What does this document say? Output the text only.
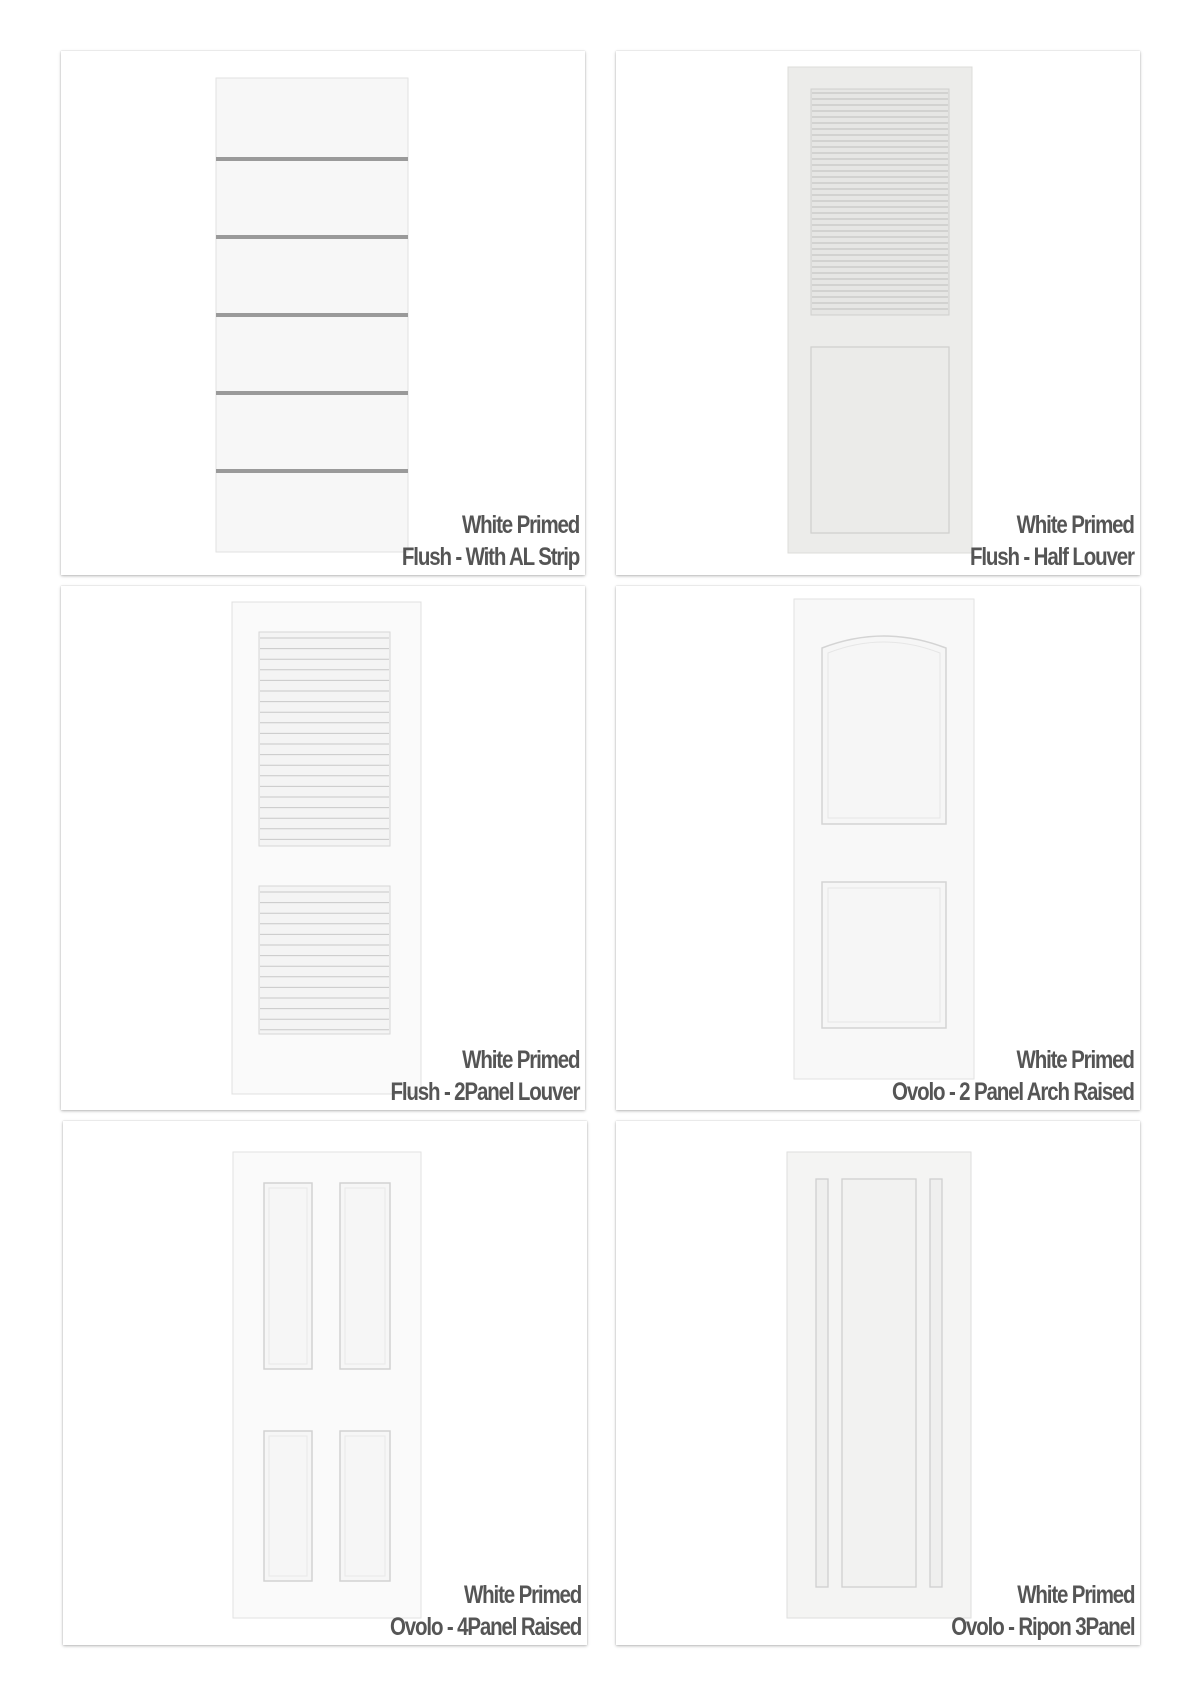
White Primed
Flush - With AL Strip
White Primed
Flush - Half Louver
White Primed
Flush - 2Panel Louver
White Primed
Ovolo - 2 Panel Arch Raised
White Primed
Ovolo - 4Panel Raised
White Primed
Ovolo - Ripon 3Panel
